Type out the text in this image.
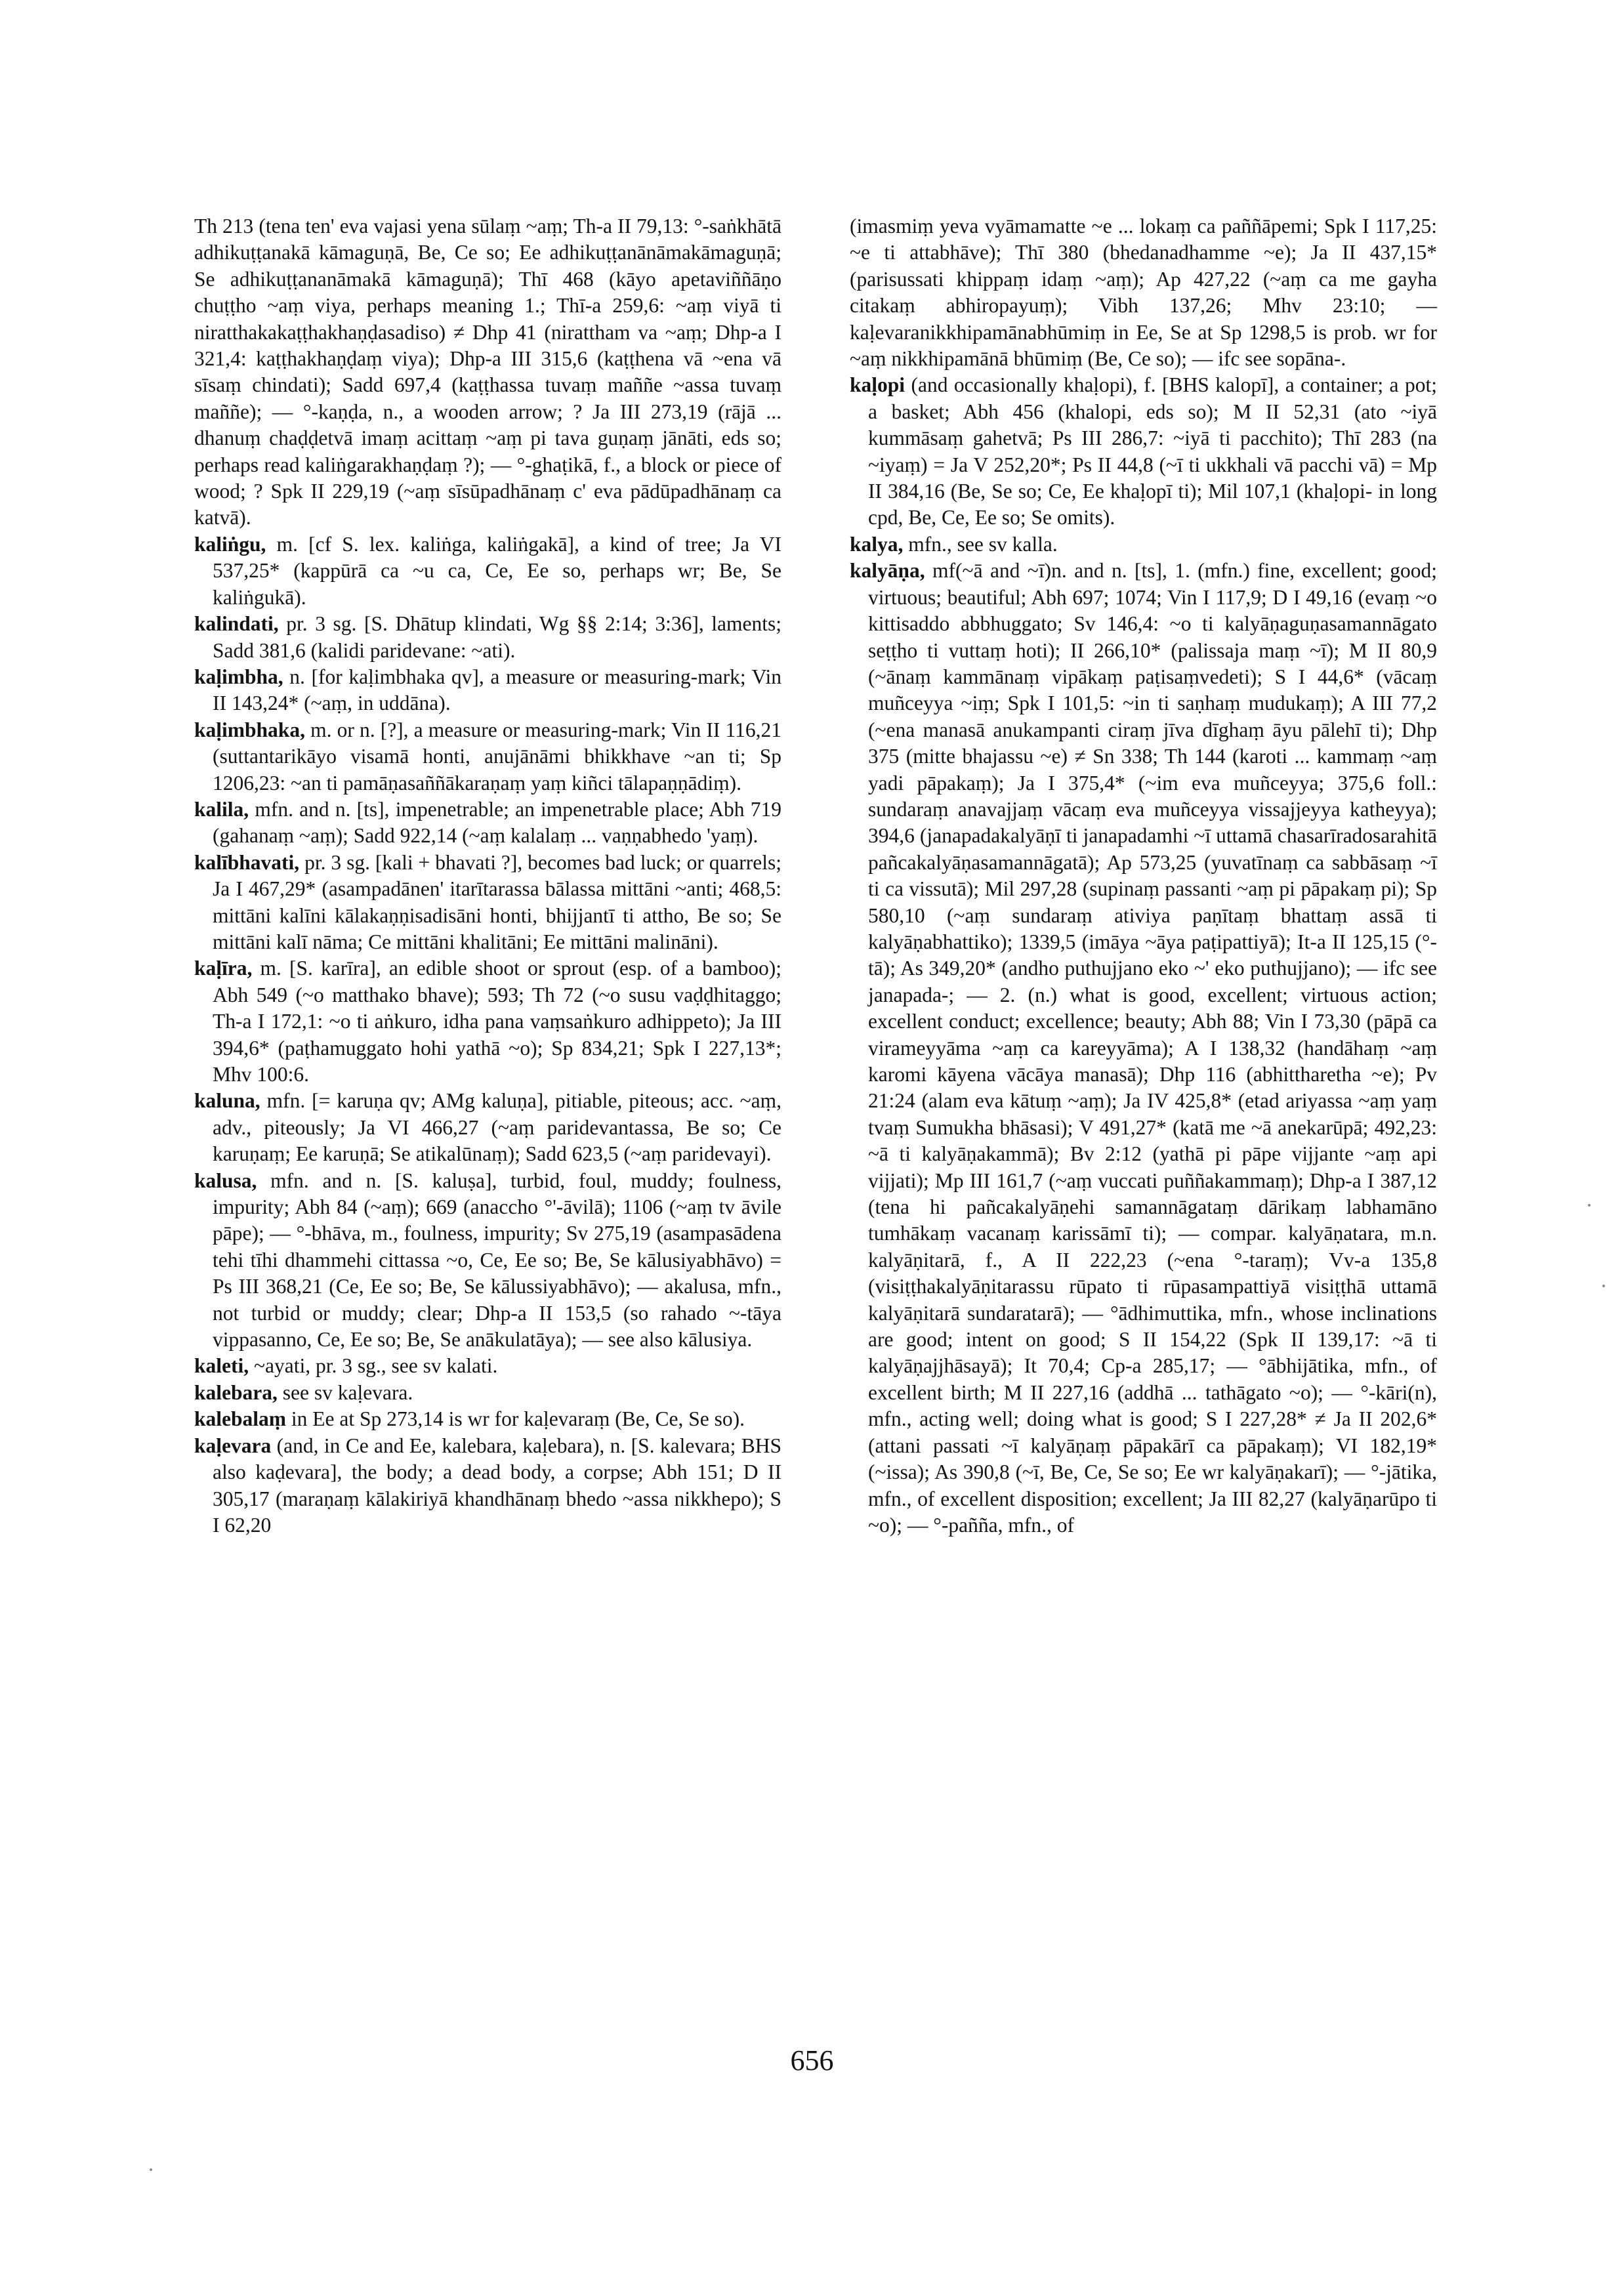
Th 213 (tena ten' eva vajasi yena sūlaṃ ~aṃ; Th-a II 79,13: °-saṅkhātā adhikuṭṭanakā kāmaguṇā, Be, Ce so; Ee adhikuṭṭanānāmakāmaguṇā; Se adhikuṭṭananāmakā kāmaguṇā); Thī 468 (kāyo apetaviññāṇo chuṭṭho ~aṃ viya, perhaps meaning 1.; Thī-a 259,6: ~aṃ viyā ti niratthakakaṭṭhakhaṇḍasadiso) ≠ Dhp 41 (nirattham va ~aṃ; Dhp-a I 321,4: kaṭṭhakhaṇḍaṃ viya); Dhp-a III 315,6 (kaṭṭhena vā ~ena vā sīsaṃ chindati); Sadd 697,4 (kaṭṭhassa tuvaṃ maññe ~assa tuvaṃ maññe); — °-kaṇḍa, n., a wooden arrow; ? Ja III 273,19 (rājā ... dhanuṃ chaḍḍetvā imaṃ acittaṃ ~aṃ pi tava guṇaṃ jānāti, eds so; perhaps read kaliṅgarakhaṇḍaṃ ?); — °-ghaṭikā, f., a block or piece of wood; ? Spk II 229,19 (~aṃ sīsūpadhānaṃ c' eva pādūpadhānaṃ ca katvā).

kaliṅgu, m. [cf S. lex. kaliṅga, kaliṅgakā], a kind of tree; Ja VI 537,25* (kappūrā ca ~u ca, Ce, Ee so, perhaps wr; Be, Se kaliṅgukā).

kalindati, pr. 3 sg. [S. Dhātup klindati, Wg §§ 2:14; 3:36], laments; Sadd 381,6 (kalidi paridevane: ~ati).

kaḷimbha, n. [for kaḷimbhaka qv], a measure or measuring-mark; Vin II 143,24* (~aṃ, in uddāna).

kaḷimbhaka, m. or n. [?], a measure or measuring-mark; Vin II 116,21 (suttantarikāyo visamā honti, anujānāmi bhikkhave ~an ti; Sp 1206,23: ~an ti pamāṇasaññākaraṇaṃ yaṃ kiñci tālapaṇṇādiṃ).

kalila, mfn. and n. [ts], impenetrable; an impenetrable place; Abh 719 (gahanaṃ ~aṃ); Sadd 922,14 (~aṃ kalalaṃ ... vaṇṇabhedo 'yaṃ).

kalībhavati, pr. 3 sg. [kali + bhavati ?], becomes bad luck; or quarrels; Ja I 467,29* (asampadānen' itarītarassa bālassa mittāni ~anti; 468,5: mittāni kalīni kālakaṇṇisadisāni honti, bhijjantī ti attho, Be so; Se mittāni kalī nāma; Ce mittāni khalitāni; Ee mittāni malināni).

kaḷīra, m. [S. karīra], an edible shoot or sprout (esp. of a bamboo); Abh 549 (~o matthako bhave); 593; Th 72 (~o susu vaḍḍhitaggo; Th-a I 172,1: ~o ti aṅkuro, idha pana vaṃsaṅkuro adhippeto); Ja III 394,6* (paṭhamuggato hohi yathā ~o); Sp 834,21; Spk I 227,13*; Mhv 100:6.

kaluna, mfn. [= karuṇa qv; AMg kaluṇa], pitiable, piteous; acc. ~aṃ, adv., piteously; Ja VI 466,27 (~aṃ paridevantassa, Be so; Ce karuṇaṃ; Ee karuṇā; Se atikalūnaṃ); Sadd 623,5 (~aṃ paridevayi).

kalusa, mfn. and n. [S. kaluṣa], turbid, foul, muddy; foulness, impurity; Abh 84 (~aṃ); 669 (anaccho °'-āvilā); 1106 (~aṃ tv āvile pāpe); — °-bhāva, m., foulness, impurity; Sv 275,19 (asampasādena tehi tīhi dhammehi cittassa ~o, Ce, Ee so; Be, Se kālusiyabhāvo) = Ps III 368,21 (Ce, Ee so; Be, Se kālussiyabhāvo); — akalusa, mfn., not turbid or muddy; clear; Dhp-a II 153,5 (so rahado ~-tāya vippasanno, Ce, Ee so; Be, Se anākulatāya); — see also kālusiya.

kaleti, ~ayati, pr. 3 sg., see sv kalati.

kalebara, see sv kaḷevara.

kalebalaṃ in Ee at Sp 273,14 is wr for kaḷevaraṃ (Be, Ce, Se so).

kaḷevara (and, in Ce and Ee, kalebara, kaḷebara), n. [S. kalevara; BHS also kaḍevara], the body; a dead body, a corpse; Abh 151; D II 305,17 (maraṇaṃ kālakiriyā khandhānaṃ bhedo ~assa nikkhepo); S I 62,20

(imasmiṃ yeva vyāmamatte ~e ... lokaṃ ca paññāpemi; Spk I 117,25: ~e ti attabhāve); Thī 380 (bhedanadhamme ~e); Ja II 437,15* (parisussati khippaṃ idaṃ ~aṃ); Ap 427,22 (~aṃ ca me gayha citakaṃ abhiropayuṃ); Vibh 137,26; Mhv 23:10; — kaḷevaranikkhipamānabhūmiṃ in Ee, Se at Sp 1298,5 is prob. wr for ~aṃ nikkhipamānā bhūmiṃ (Be, Ce so); — ifc see sopāna-.

kaḷopi (and occasionally khaḷopi), f. [BHS kalopī], a container; a pot; a basket; Abh 456 (khalopi, eds so); M II 52,31 (ato ~iyā kummāsaṃ gahetvā; Ps III 286,7: ~iyā ti pacchito); Thī 283 (na ~iyaṃ) = Ja V 252,20*; Ps II 44,8 (~ī ti ukkhali vā pacchi vā) = Mp II 384,16 (Be, Se so; Ce, Ee khaḷopī ti); Mil 107,1 (khaḷopi- in long cpd, Be, Ce, Ee so; Se omits).

kalya, mfn., see sv kalla.

kalyāṇa, mf(~ā and ~ī)n. and n. [ts], 1. (mfn.) fine, excellent; good; virtuous; beautiful; Abh 697; 1074; Vin I 117,9; D I 49,16 (evaṃ ~o kittisaddo abbhuggato; Sv 146,4: ~o ti kalyāṇaguṇasamannāgato seṭṭho ti vuttaṃ hoti); II 266,10* (palissaja maṃ ~ī); M II 80,9 (~ānaṃ kammānaṃ vipākaṃ paṭisaṃvedeti); S I 44,6* (vācaṃ muñceyya ~iṃ; Spk I 101,5: ~in ti saṇhaṃ mudukaṃ); A III 77,2 (~ena manasā anukampanti ciraṃ jīva dīghaṃ āyu pālehī ti); Dhp 375 (mitte bhajassu ~e) ≠ Sn 338; Th 144 (karoti ... kammaṃ ~aṃ yadi pāpakaṃ); Ja I 375,4* (~im eva muñceyya; 375,6 foll.: sundaraṃ anavajjaṃ vācaṃ eva muñceyya vissajjeyya katheyya); 394,6 (janapadakalyāṇī ti janapadamhi ~ī uttamā chasarīradosarahitā pañcakalyāṇasamannāgatā); Ap 573,25 (yuvatīnaṃ ca sabbāsaṃ ~ī ti ca vissutā); Mil 297,28 (supinaṃ passanti ~aṃ pi pāpakaṃ pi); Sp 580,10 (~aṃ sundaraṃ ativiya paṇītaṃ bhattaṃ assā ti kalyāṇabhattiko); 1339,5 (imāya ~āya paṭipattiyā); It-a II 125,15 (°-tā); As 349,20* (andho puthujjano eko ~' eko puthujjano); — ifc see janapada-; — 2. (n.) what is good, excellent; virtuous action; excellent conduct; excellence; beauty; Abh 88; Vin I 73,30 (pāpā ca virameyyāma ~aṃ ca kareyyāma); A I 138,32 (handāhaṃ ~aṃ karomi kāyena vācāya manasā); Dhp 116 (abhittharetha ~e); Pv 21:24 (alam eva kātuṃ ~aṃ); Ja IV 425,8* (etad ariyassa ~aṃ yaṃ tvaṃ Sumukha bhāsasi); V 491,27* (katā me ~ā anekarūpā; 492,23: ~ā ti kalyāṇakammā); Bv 2:12 (yathā pi pāpe vijjante ~aṃ api vijjati); Mp III 161,7 (~aṃ vuccati puññakammaṃ); Dhp-a I 387,12 (tena hi pañcakalyāṇehi samannāgataṃ dārikaṃ labhamāno tumhākaṃ vacanaṃ karissāmī ti); — compar. kalyāṇatara, m.n. kalyāṇitarā, f., A II 222,23 (~ena °-taraṃ); Vv-a 135,8 (visiṭṭhakalyāṇitarassu rūpato ti rūpasampattiyā visiṭṭhā uttamā kalyāṇitarā sundaratarā); — °ādhimuttika, mfn., whose inclinations are good; intent on good; S II 154,22 (Spk II 139,17: ~ā ti kalyāṇajjhāsayā); It 70,4; Cp-a 285,17; — °ābhijātika, mfn., of excellent birth; M II 227,16 (addhā ... tathāgato ~o); — °-kāri(n), mfn., acting well; doing what is good; S I 227,28* ≠ Ja II 202,6* (attani passati ~ī kalyāṇaṃ pāpakārī ca pāpakaṃ); VI 182,19* (~issa); As 390,8 (~ī, Be, Ce, Se so; Ee wr kalyāṇakarī); — °-jātika, mfn., of excellent disposition; excellent; Ja III 82,27 (kalyāṇarūpo ti ~o); — °-pañña, mfn., of

656
